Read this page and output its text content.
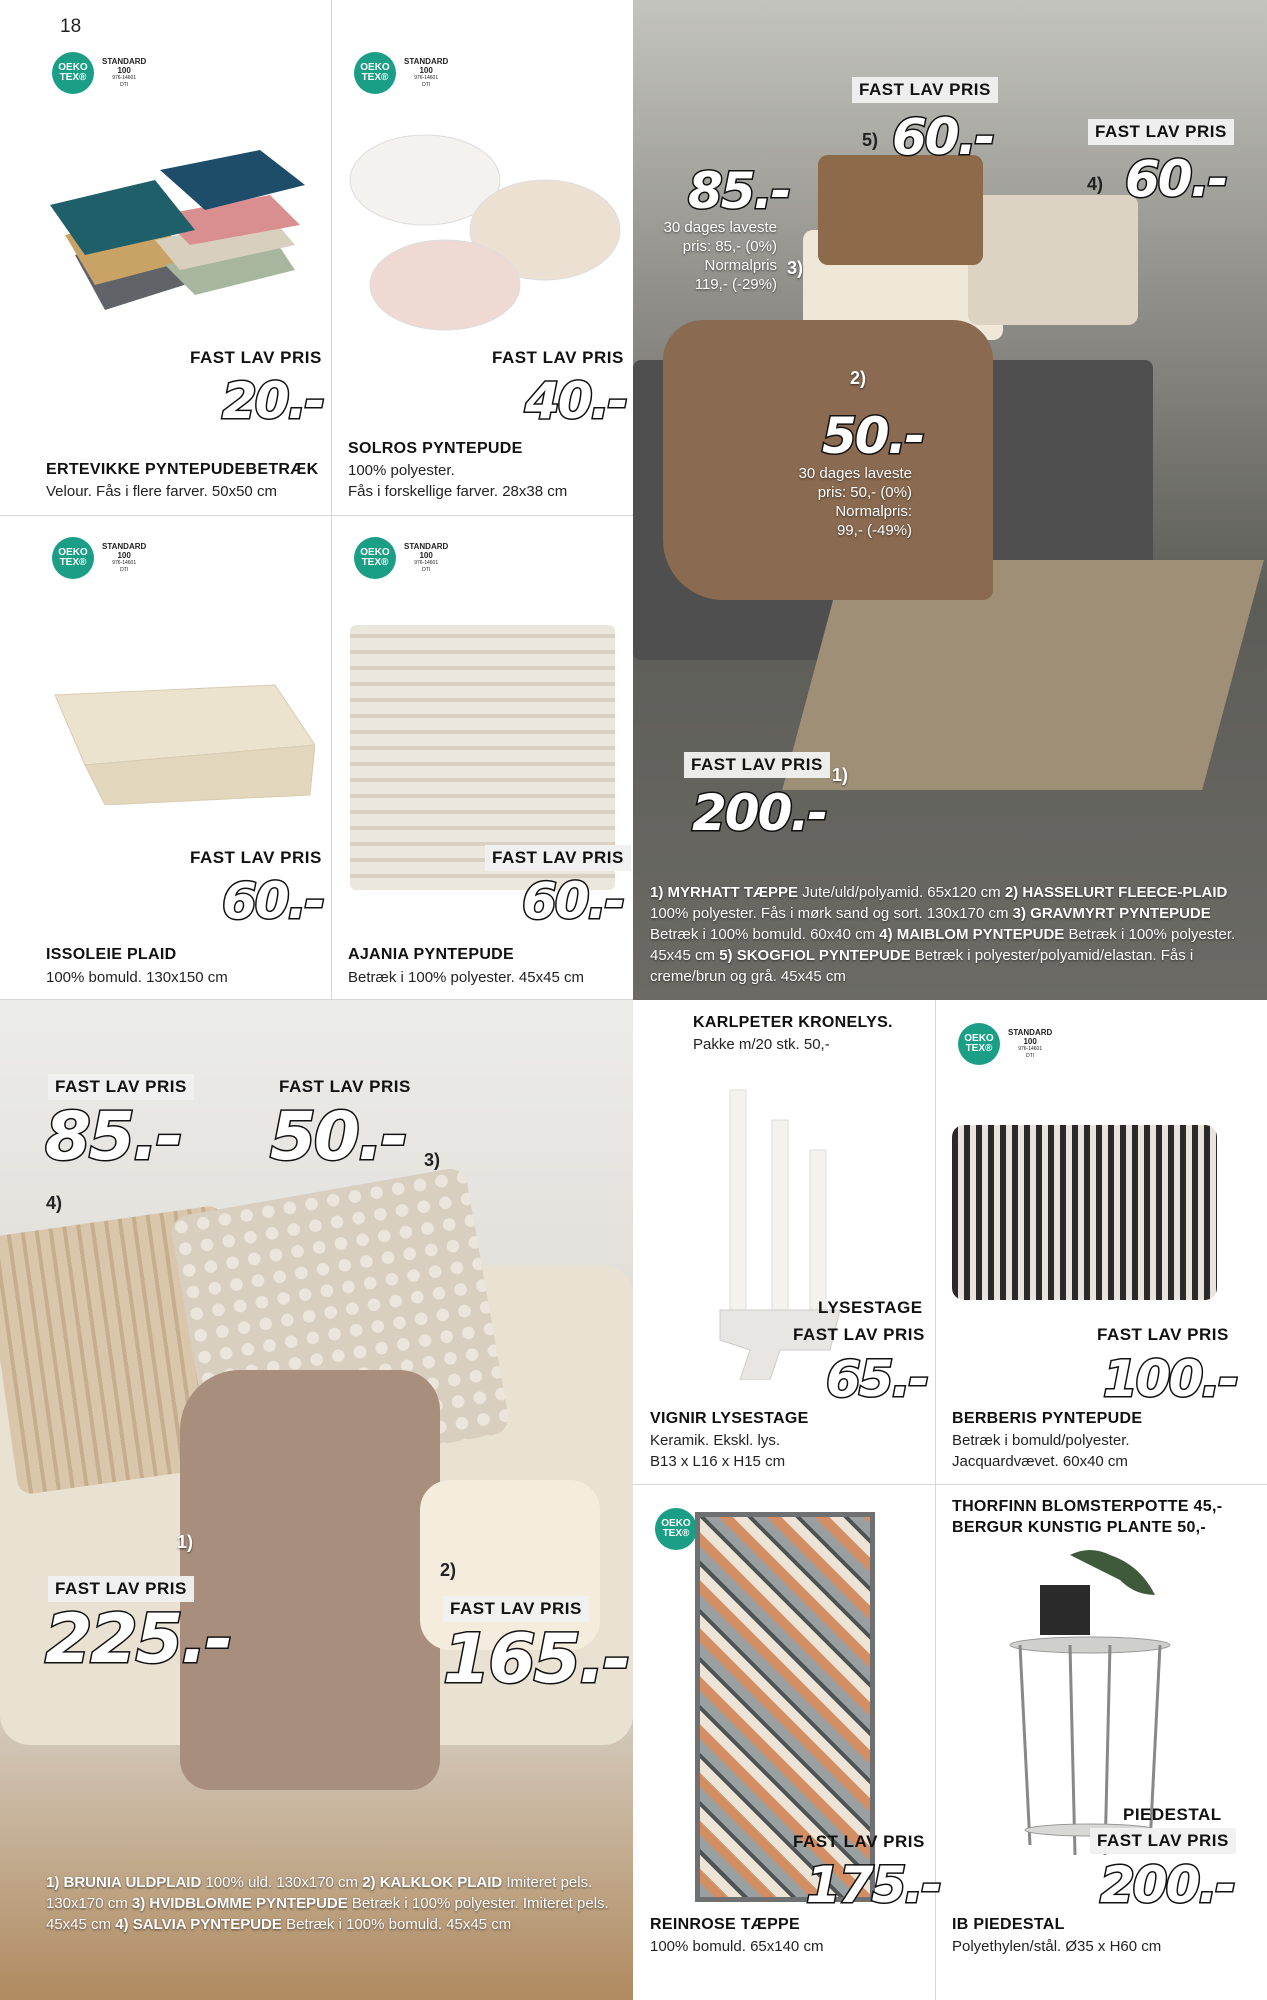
18
OEKO TEX®
STANDARD
100
976-14601
DTI
FAST LAV PRIS
20.-
ERTEVIKKE PYNTEPUDEBETRÆK
Velour. Fås i flere farver. 50x50 cm
OEKO TEX®
STANDARD
100
976-14601
DTI
FAST LAV PRIS
40.-
SOLROS PYNTEPUDE
100% polyester.
Fås i forskellige farver. 28x38 cm
OEKO TEX®
STANDARD
100
976-14601
DTI
FAST LAV PRIS
60.-
ISSOLEIE PLAID
100% bomuld. 130x150 cm
OEKO TEX®
STANDARD
100
976-14601
DTI
FAST LAV PRIS
60.-
AJANIA PYNTEPUDE
Betræk i 100% polyester. 45x45 cm
FAST LAV PRIS
5) 60.-	FAST LAV PRIS
4) 60.-
85.-
30 dages laveste
pris: 85,- (0%)
Normalpris
119,- (-29%)
3)
2)
50.-
30 dages laveste
pris: 50,- (0%)
Normalpris:
99,- (-49%)
FAST LAV PRIS
1)
200.-
1) MYRHATT TÆPPE Jute/uld/polyamid. 65x120 cm 2) HASSELURT FLEECE-PLAID 100% polyester. Fås i mørk sand og sort. 130x170 cm 3) GRAVMYRT PYNTEPUDE Betræk i 100% bomuld. 60x40 cm 4) MAIBLOM PYNTEPUDE Betræk i 100% polyester. 45x45 cm 5) SKOGFIOL PYNTEPUDE Betræk i polyester/polyamid/elastan. Fås i creme/brun og grå. 45x45 cm
FAST LAV PRIS
85.-
4)
FAST LAV PRIS
50.- 3)
1)
FAST LAV PRIS
225.-
2)
FAST LAV PRIS
165.-
1) BRUNIA ULDPLAID 100% uld. 130x170 cm 2) KALKLOK PLAID Imiteret pels. 130x170 cm 3) HVIDBLOMME PYNTEPUDE Betræk i 100% polyester. Imiteret pels. 45x45 cm 4) SALVIA PYNTEPUDE Betræk i 100% bomuld. 45x45 cm
KARLPETER KRONELYS.
Pakke m/20 stk. 50,-
LYSESTAGE
FAST LAV PRIS
65.-
VIGNIR LYSESTAGE
Keramik. Ekskl. lys.
B13 x L16 x H15 cm
OEKO TEX®
STANDARD
100
976-14601
DTI
FAST LAV PRIS
100.-
BERBERIS PYNTEPUDE
Betræk i bomuld/polyester.
Jacquardvævet. 60x40 cm
OEKO TEX®

FAST LAV PRIS
175.-
REINROSE TÆPPE
100% bomuld. 65x140 cm
THORFINN BLOMSTERPOTTE 45,-
BERGUR KUNSTIG PLANTE 50,-
PIEDESTAL
FAST LAV PRIS
200.-
IB PIEDESTAL
Polyethylen/stål. Ø35 x H60 cm
